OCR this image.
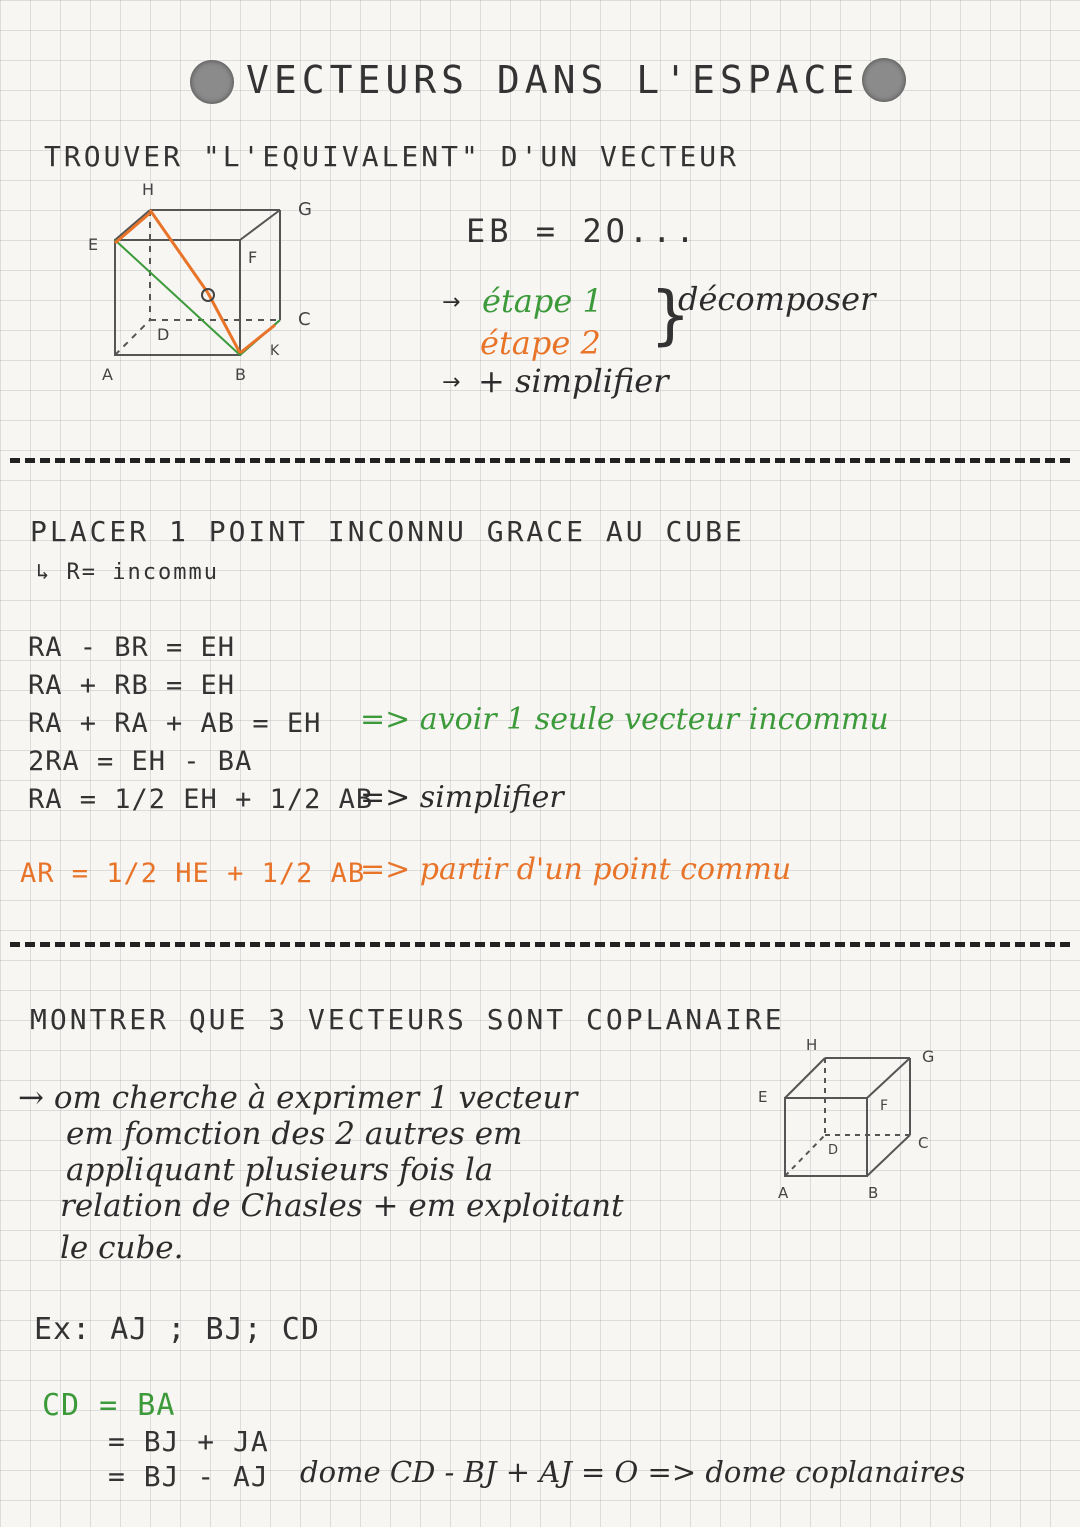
VECTEURS DANS L'ESPACE
TROUVER "L'EQUIVALENT" D'UN VECTEUR
H
G
E
F
D
C
K
A	B
EB = 2O...
→ étape 1
étape 2 }
décomposer
→ + simplifier
PLACER 1 POINT INCONNU GRACE AU CUBE
↳ R= incommu
RA - BR = EH
RA + RB = EH
RA + RA + AB = EH => avoir 1 seule vecteur incommu
2RA = EH - BA
RA = 1/2 EH + 1/2 AB
=> simplifier
AR = 1/2 HE + 1/2 AB
=> partir d'un point commu
MONTRER QUE 3 VECTEURS SONT COPLANAIRE
→ om cherche à exprimer 1 vecteur
em fomction des 2 autres em
appliquant plusieurs fois la
relation de Chasles + em exploitant
le cube.
H
G
E	F
D	C
A	B
Ex: AJ ; BJ; CD
CD = BA
= BJ + JA
= BJ - AJ dome CD - BJ + AJ = O => dome coplanaires
